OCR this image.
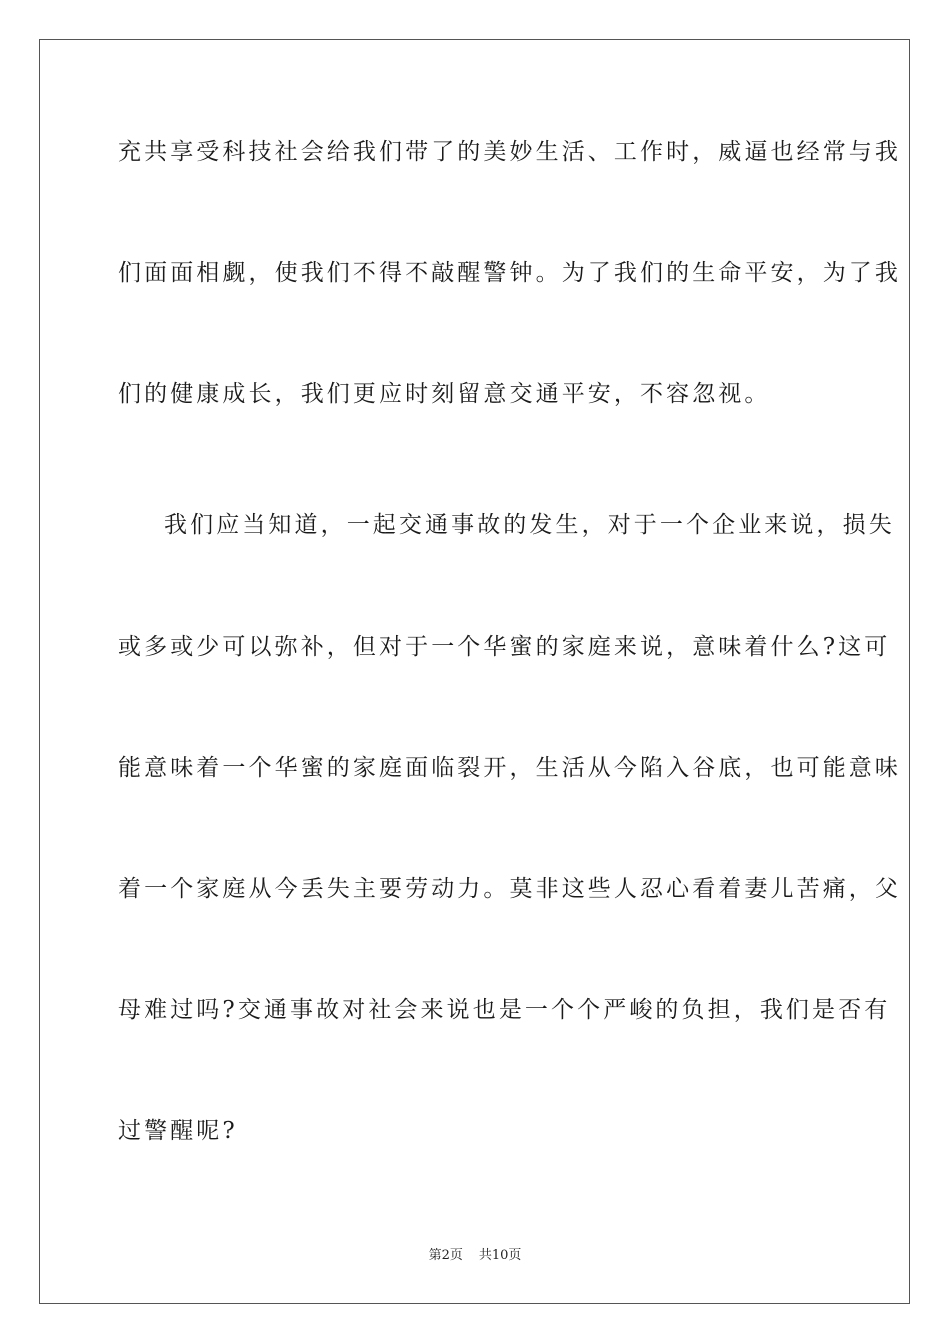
充共享受科技社会给我们带了的美妙生活、工作时，威逼也经常与我
们面面相觑，使我们不得不敲醒警钟。为了我们的生命平安，为了我
们的健康成长，我们更应时刻留意交通平安，不容忽视。
我们应当知道，一起交通事故的发生，对于一个企业来说，损失
或多或少可以弥补，但对于一个华蜜的家庭来说，意味着什么?这可
能意味着一个华蜜的家庭面临裂开，生活从今陷入谷底，也可能意味
着一个家庭从今丢失主要劳动力。莫非这些人忍心看着妻儿苦痛，父
母难过吗?交通事故对社会来说也是一个个严峻的负担，我们是否有
过警醒呢?
第2页 共10页
